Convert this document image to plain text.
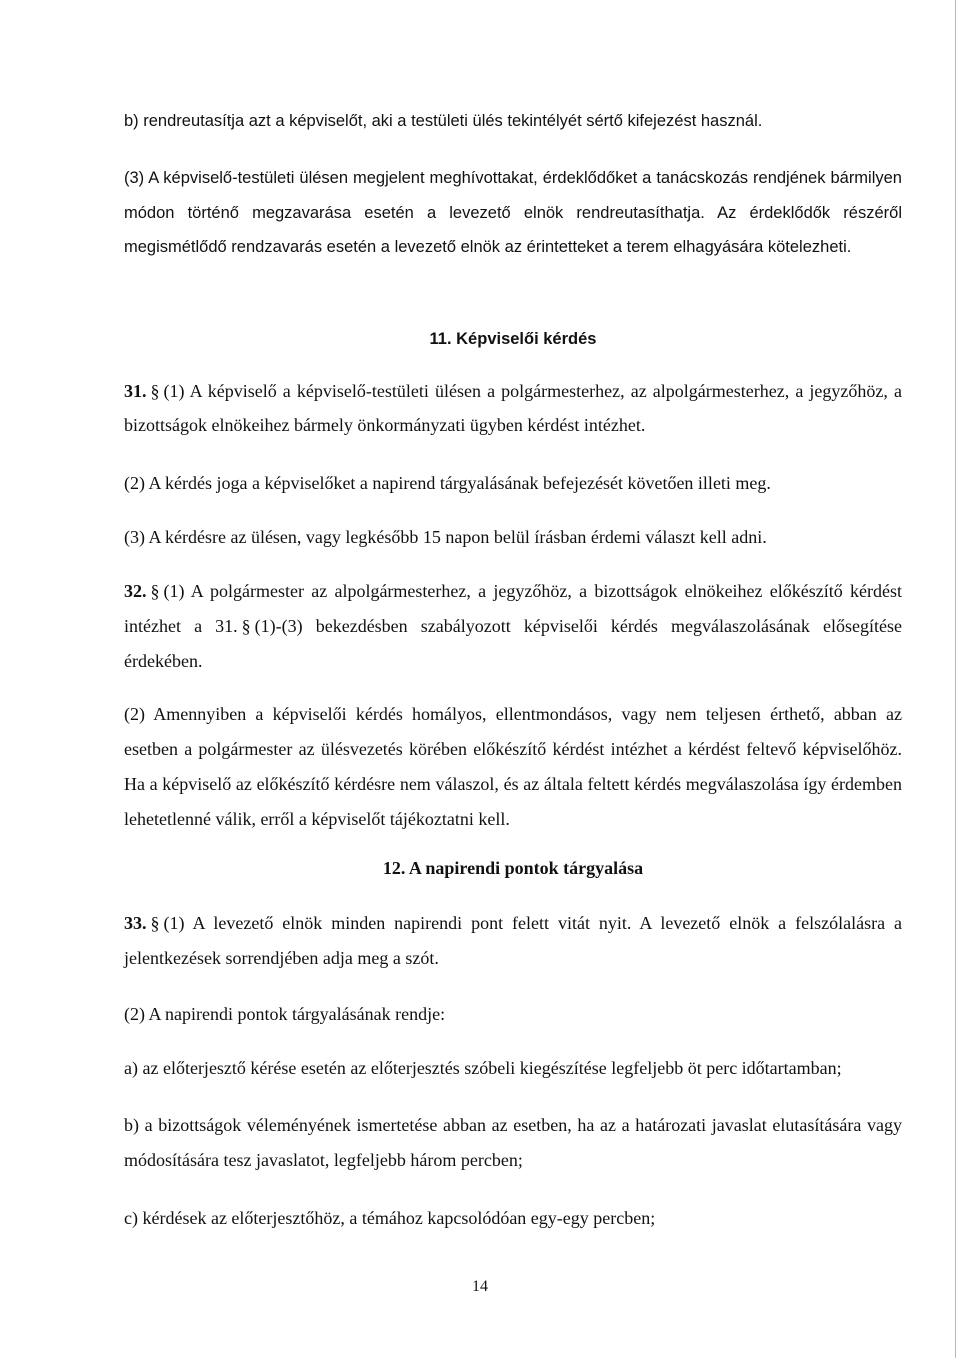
b) rendreutasítja azt a képviselőt, aki a testületi ülés tekintélyét sértő kifejezést használ.

(3) A képviselő-testületi ülésen megjelent meghívottakat, érdeklődőket a tanácskozás rendjének bármilyen módon történő megzavarása esetén a levezető elnök rendreutasíthatja. Az érdeklődők részéről megismétlődő rendzavarás esetén a levezető elnök az érintetteket a terem elhagyására kötelezheti.

11. Képviselői kérdés

31. § (1) A képviselő a képviselő-testületi ülésen a polgármesterhez, az alpolgármesterhez, a jegyzőhöz, a bizottságok elnökeihez bármely önkormányzati ügyben kérdést intézhet.

(2) A kérdés joga a képviselőket a napirend tárgyalásának befejezését követően illeti meg.

(3) A kérdésre az ülésen, vagy legkésőbb 15 napon belül írásban érdemi választ kell adni.

32. § (1) A polgármester az alpolgármesterhez, a jegyzőhöz, a bizottságok elnökeihez előkészítő kérdést intézhet a 31. § (1)-(3) bekezdésben szabályozott képviselői kérdés megválaszolásának elősegítése érdekében.

(2) Amennyiben a képviselői kérdés homályos, ellentmondásos, vagy nem teljesen érthető, abban az esetben a polgármester az ülésvezetés körében előkészítő kérdést intézhet a kérdést feltevő képviselőhöz. Ha a képviselő az előkészítő kérdésre nem válaszol, és az általa feltett kérdés megválaszolása így érdemben lehetetlenné válik, erről a képviselőt tájékoztatni kell.

12. A napirendi pontok tárgyalása

33. § (1) A levezető elnök minden napirendi pont felett vitát nyit. A levezető elnök a felszólalásra a jelentkezések sorrendjében adja meg a szót.

(2) A napirendi pontok tárgyalásának rendje:

a) az előterjesztő kérése esetén az előterjesztés szóbeli kiegészítése legfeljebb öt perc időtartamban;

b) a bizottságok véleményének ismertetése abban az esetben, ha az a határozati javaslat elutasítására vagy módosítására tesz javaslatot, legfeljebb három percben;

c) kérdések az előterjesztőhöz, a témához kapcsolódóan egy-egy percben;

14
